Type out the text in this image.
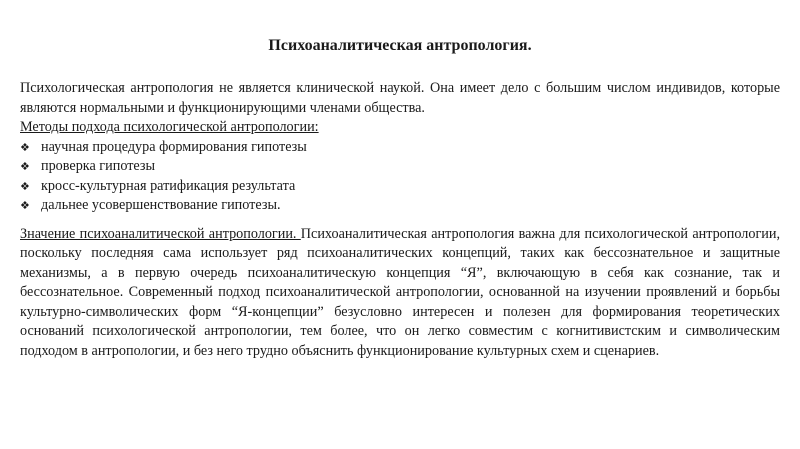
Психоаналитическая антропология.

Психологическая антропология не является клинической наукой. Она имеет дело с большим числом индивидов, которые являются нормальными и функционирующими членами общества.

Методы подхода психологической антропологии:

❖ научная процедура формирования гипотезы
❖ проверка гипотезы
❖ кросс-культурная ратификация результата
❖ дальнее усовершенствование гипотезы.

Значение психоаналитической антропологии. Психоаналитическая антропология важна для психологической антропологии, поскольку последняя сама использует ряд психоаналитических концепций, таких как бессознательное и защитные механизмы, а в первую очередь психоаналитическую концепция “Я”, включающую в себя как сознание, так и бессознательное. Современный подход психоаналитической антропологии, основанной на изучении проявлений и борьбы культурно-символических форм “Я-концепции” безусловно интересен и полезен для формирования теоретических оснований психологической антропологии, тем более, что он легко совместим с когнитивистским и символическим подходом в антропологии, и без него трудно объяснить функционирование культурных схем и сценариев.
